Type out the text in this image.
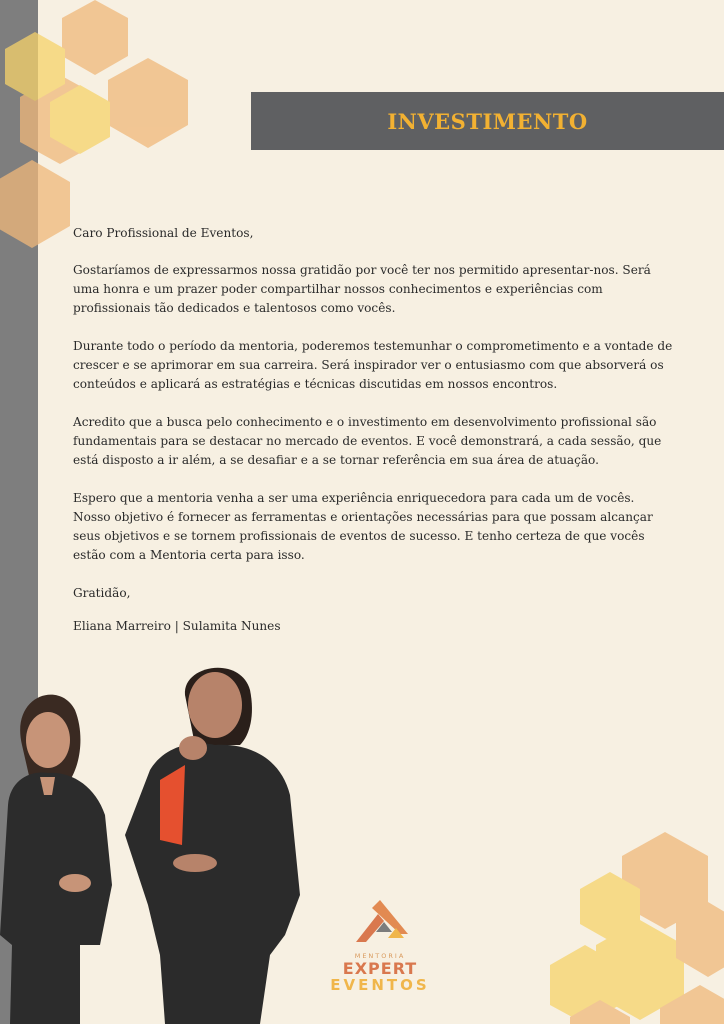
INVESTIMENTO

Caro Profissional de Eventos,

Gostaríamos de expressarmos nossa gratidão por você ter nos permitido apresentar-nos. Será uma honra e um prazer poder compartilhar nossos conhecimentos e experiências com profissionais tão dedicados e talentosos como vocês.

Durante todo o período da mentoria, poderemos testemunhar o comprometimento e a vontade de crescer e se aprimorar em sua carreira. Será inspirador ver o entusiasmo com que absorverá os conteúdos e aplicará as estratégias e técnicas discutidas em nossos encontros.

Acredito que a busca pelo conhecimento e o investimento em desenvolvimento profissional são fundamentais para se destacar no mercado de eventos. E você demonstrará, a cada sessão, que está disposto a ir além, a se desafiar e a se tornar referência em sua área de atuação.

Espero que a mentoria venha a ser uma experiência enriquecedora para cada um de vocês. Nosso objetivo é fornecer as ferramentas e orientações necessárias para que possam alcançar seus objetivos e se tornem profissionais de eventos de sucesso. E tenho certeza de que vocês estão com a Mentoria certa para isso.

Gratidão,

Eliana Marreiro | Sulamita Nunes

MENTORIA
EXPERT
EVENTOS
